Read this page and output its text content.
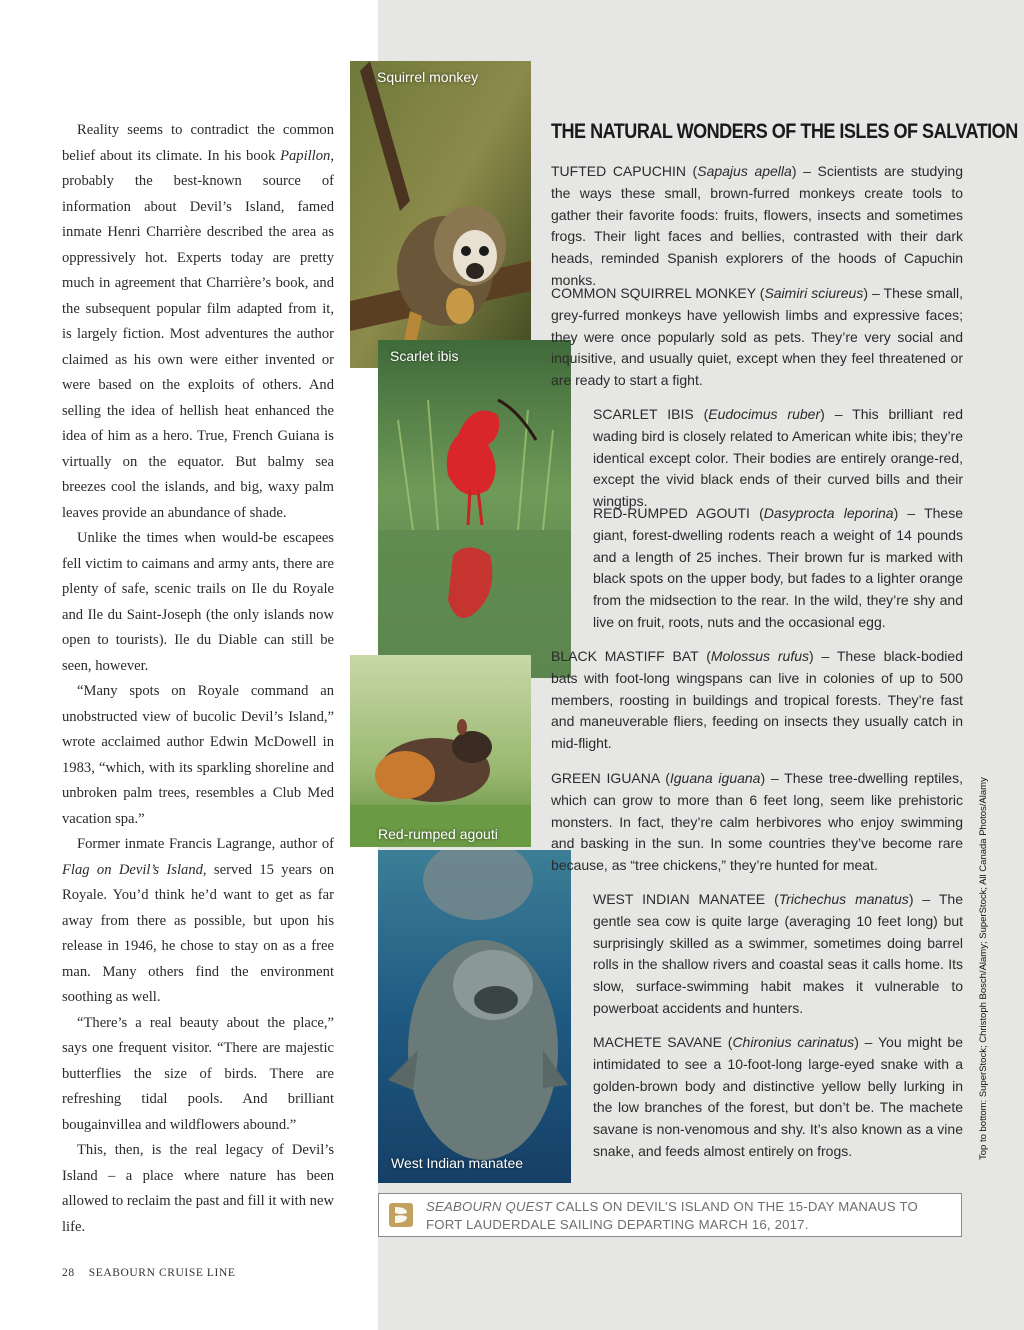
Reality seems to contradict the common belief about its climate. In his book Papillon, probably the best-known source of information about Devil’s Island, famed inmate Henri Charrière described the area as oppressively hot. Experts today are pretty much in agreement that Charrière’s book, and the subsequent popular film adapted from it, is largely fiction. Most adventures the author claimed as his own were either invented or were based on the exploits of others. And selling the idea of hellish heat enhanced the idea of him as a hero. True, French Guiana is virtually on the equator. But balmy sea breezes cool the islands, and big, waxy palm leaves provide an abundance of shade.

Unlike the times when would-be escapees fell victim to caimans and army ants, there are plenty of safe, scenic trails on Ile du Royale and Ile du Saint-Joseph (the only islands now open to tourists). Ile du Diable can still be seen, however.

“Many spots on Royale command an unobstructed view of bucolic Devil’s Island,” wrote acclaimed author Edwin McDowell in 1983, “which, with its sparkling shoreline and unbroken palm trees, resembles a Club Med vacation spa.”

Former inmate Francis Lagrange, author of Flag on Devil’s Island, served 15 years on Royale. You’d think he’d want to get as far away from there as possible, but upon his release in 1946, he chose to stay on as a free man. Many others find the environment soothing as well.

“There’s a real beauty about the place,” says one frequent visitor. “There are majestic butterflies the size of birds. There are refreshing tidal pools. And brilliant bougainvillea and wildflowers abound.”

This, then, is the real legacy of Devil’s Island – a place where nature has been allowed to reclaim the past and fill it with new life.

Squirrel monkey
Scarlet ibis
Red-rumped agouti
West Indian manatee
THE NATURAL WONDERS OF THE ISLES OF SALVATION

TUFTED CAPUCHIN (Sapajus apella) – Scientists are studying the ways these small, brown-furred monkeys create tools to gather their favorite foods: fruits, flowers, insects and sometimes frogs. Their light faces and bellies, contrasted with their dark heads, reminded Spanish explorers of the hoods of Capuchin monks.

COMMON SQUIRREL MONKEY (Saimiri sciureus) – These small, grey-furred monkeys have yellowish limbs and expressive faces; they were once popularly sold as pets. They’re very social and inquisitive, and usually quiet, except when they feel threatened or are ready to start a fight.

SCARLET IBIS (Eudocimus ruber) – This brilliant red wading bird is closely related to American white ibis; they’re identical except color. Their bodies are entirely orange-red, except the vivid black ends of their curved bills and their wingtips.

RED-RUMPED AGOUTI (Dasyprocta leporina) – These giant, forest-dwelling rodents reach a weight of 14 pounds and a length of 25 inches. Their brown fur is marked with black spots on the upper body, but fades to a lighter orange from the midsection to the rear. In the wild, they’re shy and live on fruit, roots, nuts and the occasional egg.

BLACK MASTIFF BAT (Molossus rufus) – These black-bodied bats with foot-long wingspans can live in colonies of up to 500 members, roosting in buildings and tropical forests. They’re fast and maneuverable fliers, feeding on insects they usually catch in mid-flight.

GREEN IGUANA (Iguana iguana) – These tree-dwelling reptiles, which can grow to more than 6 feet long, seem like prehistoric monsters. In fact, they’re calm herbivores who enjoy swimming and basking in the sun. In some countries they’ve become rare because, as “tree chickens,” they’re hunted for meat.

WEST INDIAN MANATEE (Trichechus manatus) – The gentle sea cow is quite large (averaging 10 feet long) but surprisingly skilled as a swimmer, sometimes doing barrel rolls in the shallow rivers and coastal seas it calls home. Its slow, surface-swimming habit makes it vulnerable to powerboat accidents and hunters.

MACHETE SAVANE (Chironius carinatus) – You might be intimidated to see a 10-foot-long large-eyed snake with a golden-brown body and distinctive yellow belly lurking in the low branches of the forest, but don’t be. The machete savane is non-venomous and shy. It’s also known as a vine snake, and feeds almost entirely on frogs.	Top to bottom: SuperStock; Christoph Bosch/Alamy; SuperStock; All Canada Photos/Alamy
SEABOURN QUEST CALLS ON DEVIL’S ISLAND ON THE 15-DAY MANAUS TO FORT LAUDERDALE SAILING DEPARTING MARCH 16, 2017.
28 SEABOURN CRUISE LINE
